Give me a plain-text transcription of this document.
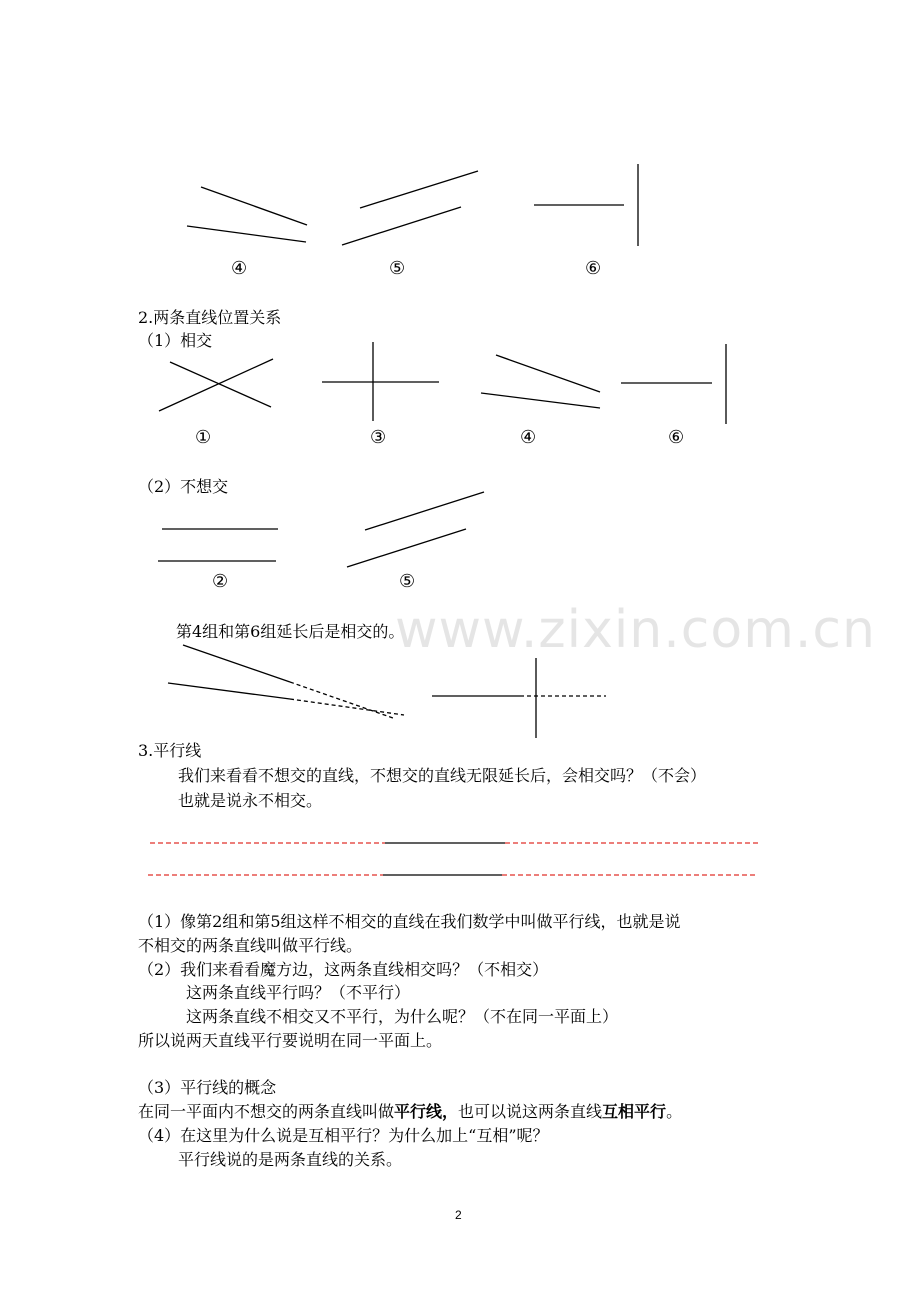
④	⑤	⑥
2.两条直线位置关系
（1）相交
①	③	④	⑥
（2）不想交
②	⑤
www.zixin.com.cn
第4组和第6组延长后是相交的。
3.平行线
我们来看看不想交的直线，不想交的直线无限延长后，会相交吗？（不会）
也就是说永不相交。
（1）像第2组和第5组这样不相交的直线在我们数学中叫做平行线，也就是说
不相交的两条直线叫做平行线。
（2）我们来看看魔方边，这两条直线相交吗？（不相交）
这两条直线平行吗？（不平行）
这两条直线不相交又不平行，为什么呢？（不在同一平面上）
所以说两天直线平行要说明在同一平面上。
（3）平行线的概念
在同一平面内不想交的两条直线叫做平行线，也可以说这两条直线互相平行。
（4）在这里为什么说是互相平行？为什么加上“互相”呢？
平行线说的是两条直线的关系。
2
